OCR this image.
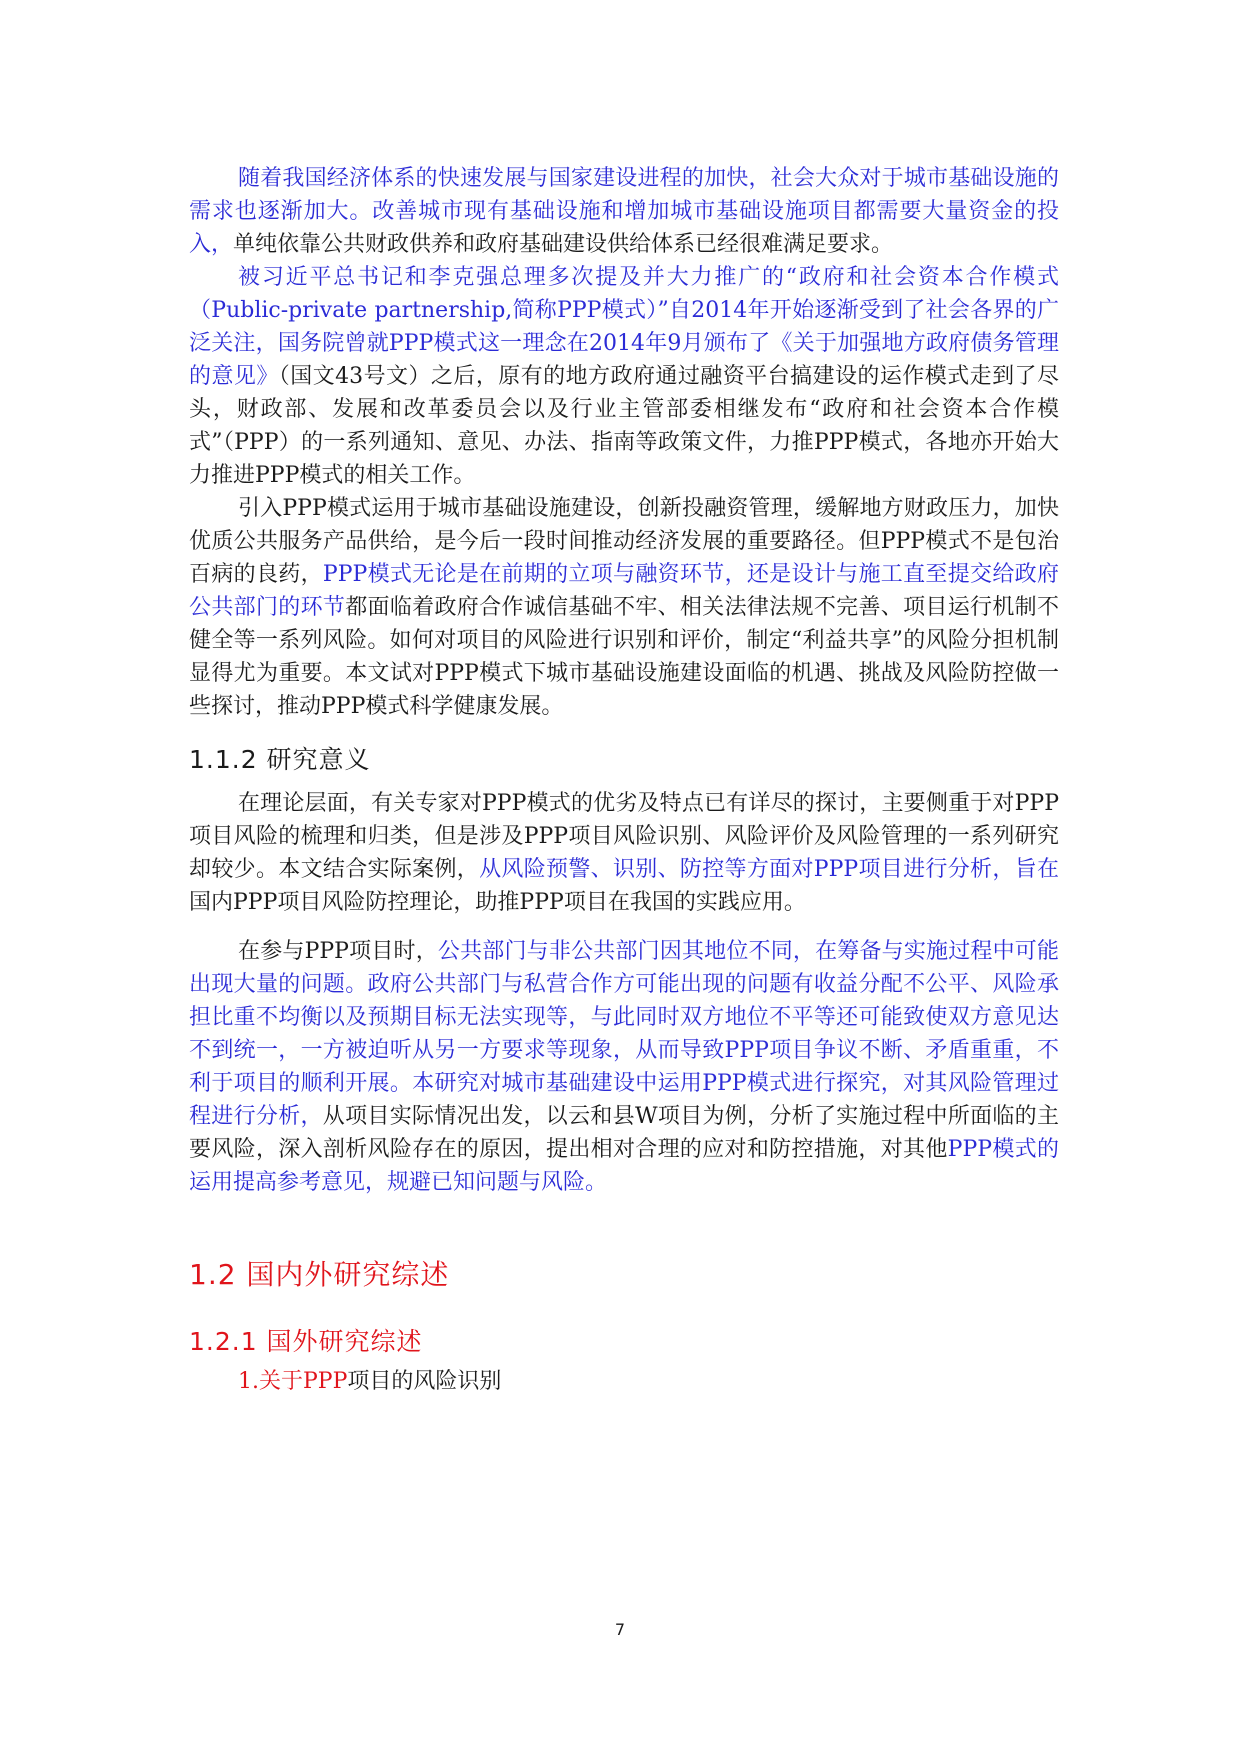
随着我国经济体系的快速发展与国家建设进程的加快，社会大众对于城市基础设施的需求也逐渐加大。改善城市现有基础设施和增加城市基础设施项目都需要大量资金的投入，单纯依靠公共财政供养和政府基础建设供给体系已经很难满足要求。

被习近平总书记和李克强总理多次提及并大力推广的“政府和社会资本合作模式（Public-private partnership,简称PPP模式）”自2014年开始逐渐受到了社会各界的广泛关注，国务院曾就PPP模式这一理念在2014年9月颁布了《关于加强地方政府债务管理的意见》（国文43号文）之后，原有的地方政府通过融资平台搞建设的运作模式走到了尽头，财政部、发展和改革委员会以及行业主管部委相继发布“政府和社会资本合作模式”（PPP）的一系列通知、意见、办法、指南等政策文件，力推PPP模式，各地亦开始大力推进PPP模式的相关工作。

引入PPP模式运用于城市基础设施建设，创新投融资管理，缓解地方财政压力，加快优质公共服务产品供给，是今后一段时间推动经济发展的重要路径。但PPP模式不是包治百病的良药，PPP模式无论是在前期的立项与融资环节，还是设计与施工直至提交给政府公共部门的环节都面临着政府合作诚信基础不牢、相关法律法规不完善、项目运行机制不健全等一系列风险。如何对项目的风险进行识别和评价，制定“利益共享”的风险分担机制显得尤为重要。本文试对PPP模式下城市基础设施建设面临的机遇、挑战及风险防控做一些探讨，推动PPP模式科学健康发展。

1.1.2 研究意义

在理论层面，有关专家对PPP模式的优劣及特点已有详尽的探讨，主要侧重于对PPP项目风险的梳理和归类，但是涉及PPP项目风险识别、风险评价及风险管理的一系列研究却较少。本文结合实际案例，从风险预警、识别、防控等方面对PPP项目进行分析，旨在国内PPP项目风险防控理论，助推PPP项目在我国的实践应用。

在参与PPP项目时，公共部门与非公共部门因其地位不同，在筹备与实施过程中可能出现大量的问题。政府公共部门与私营合作方可能出现的问题有收益分配不公平、风险承担比重不均衡以及预期目标无法实现等，与此同时双方地位不平等还可能致使双方意见达不到统一，一方被迫听从另一方要求等现象，从而导致PPP项目争议不断、矛盾重重，不利于项目的顺利开展。本研究对城市基础建设中运用PPP模式进行探究，对其风险管理过程进行分析，从项目实际情况出发，以云和县W项目为例，分析了实施过程中所面临的主要风险，深入剖析风险存在的原因，提出相对合理的应对和防控措施，对其他PPP模式的运用提高参考意见，规避已知问题与风险。

1.2 国内外研究综述
1.2.1 国外研究综述

1.关于PPP项目的风险识别

7
